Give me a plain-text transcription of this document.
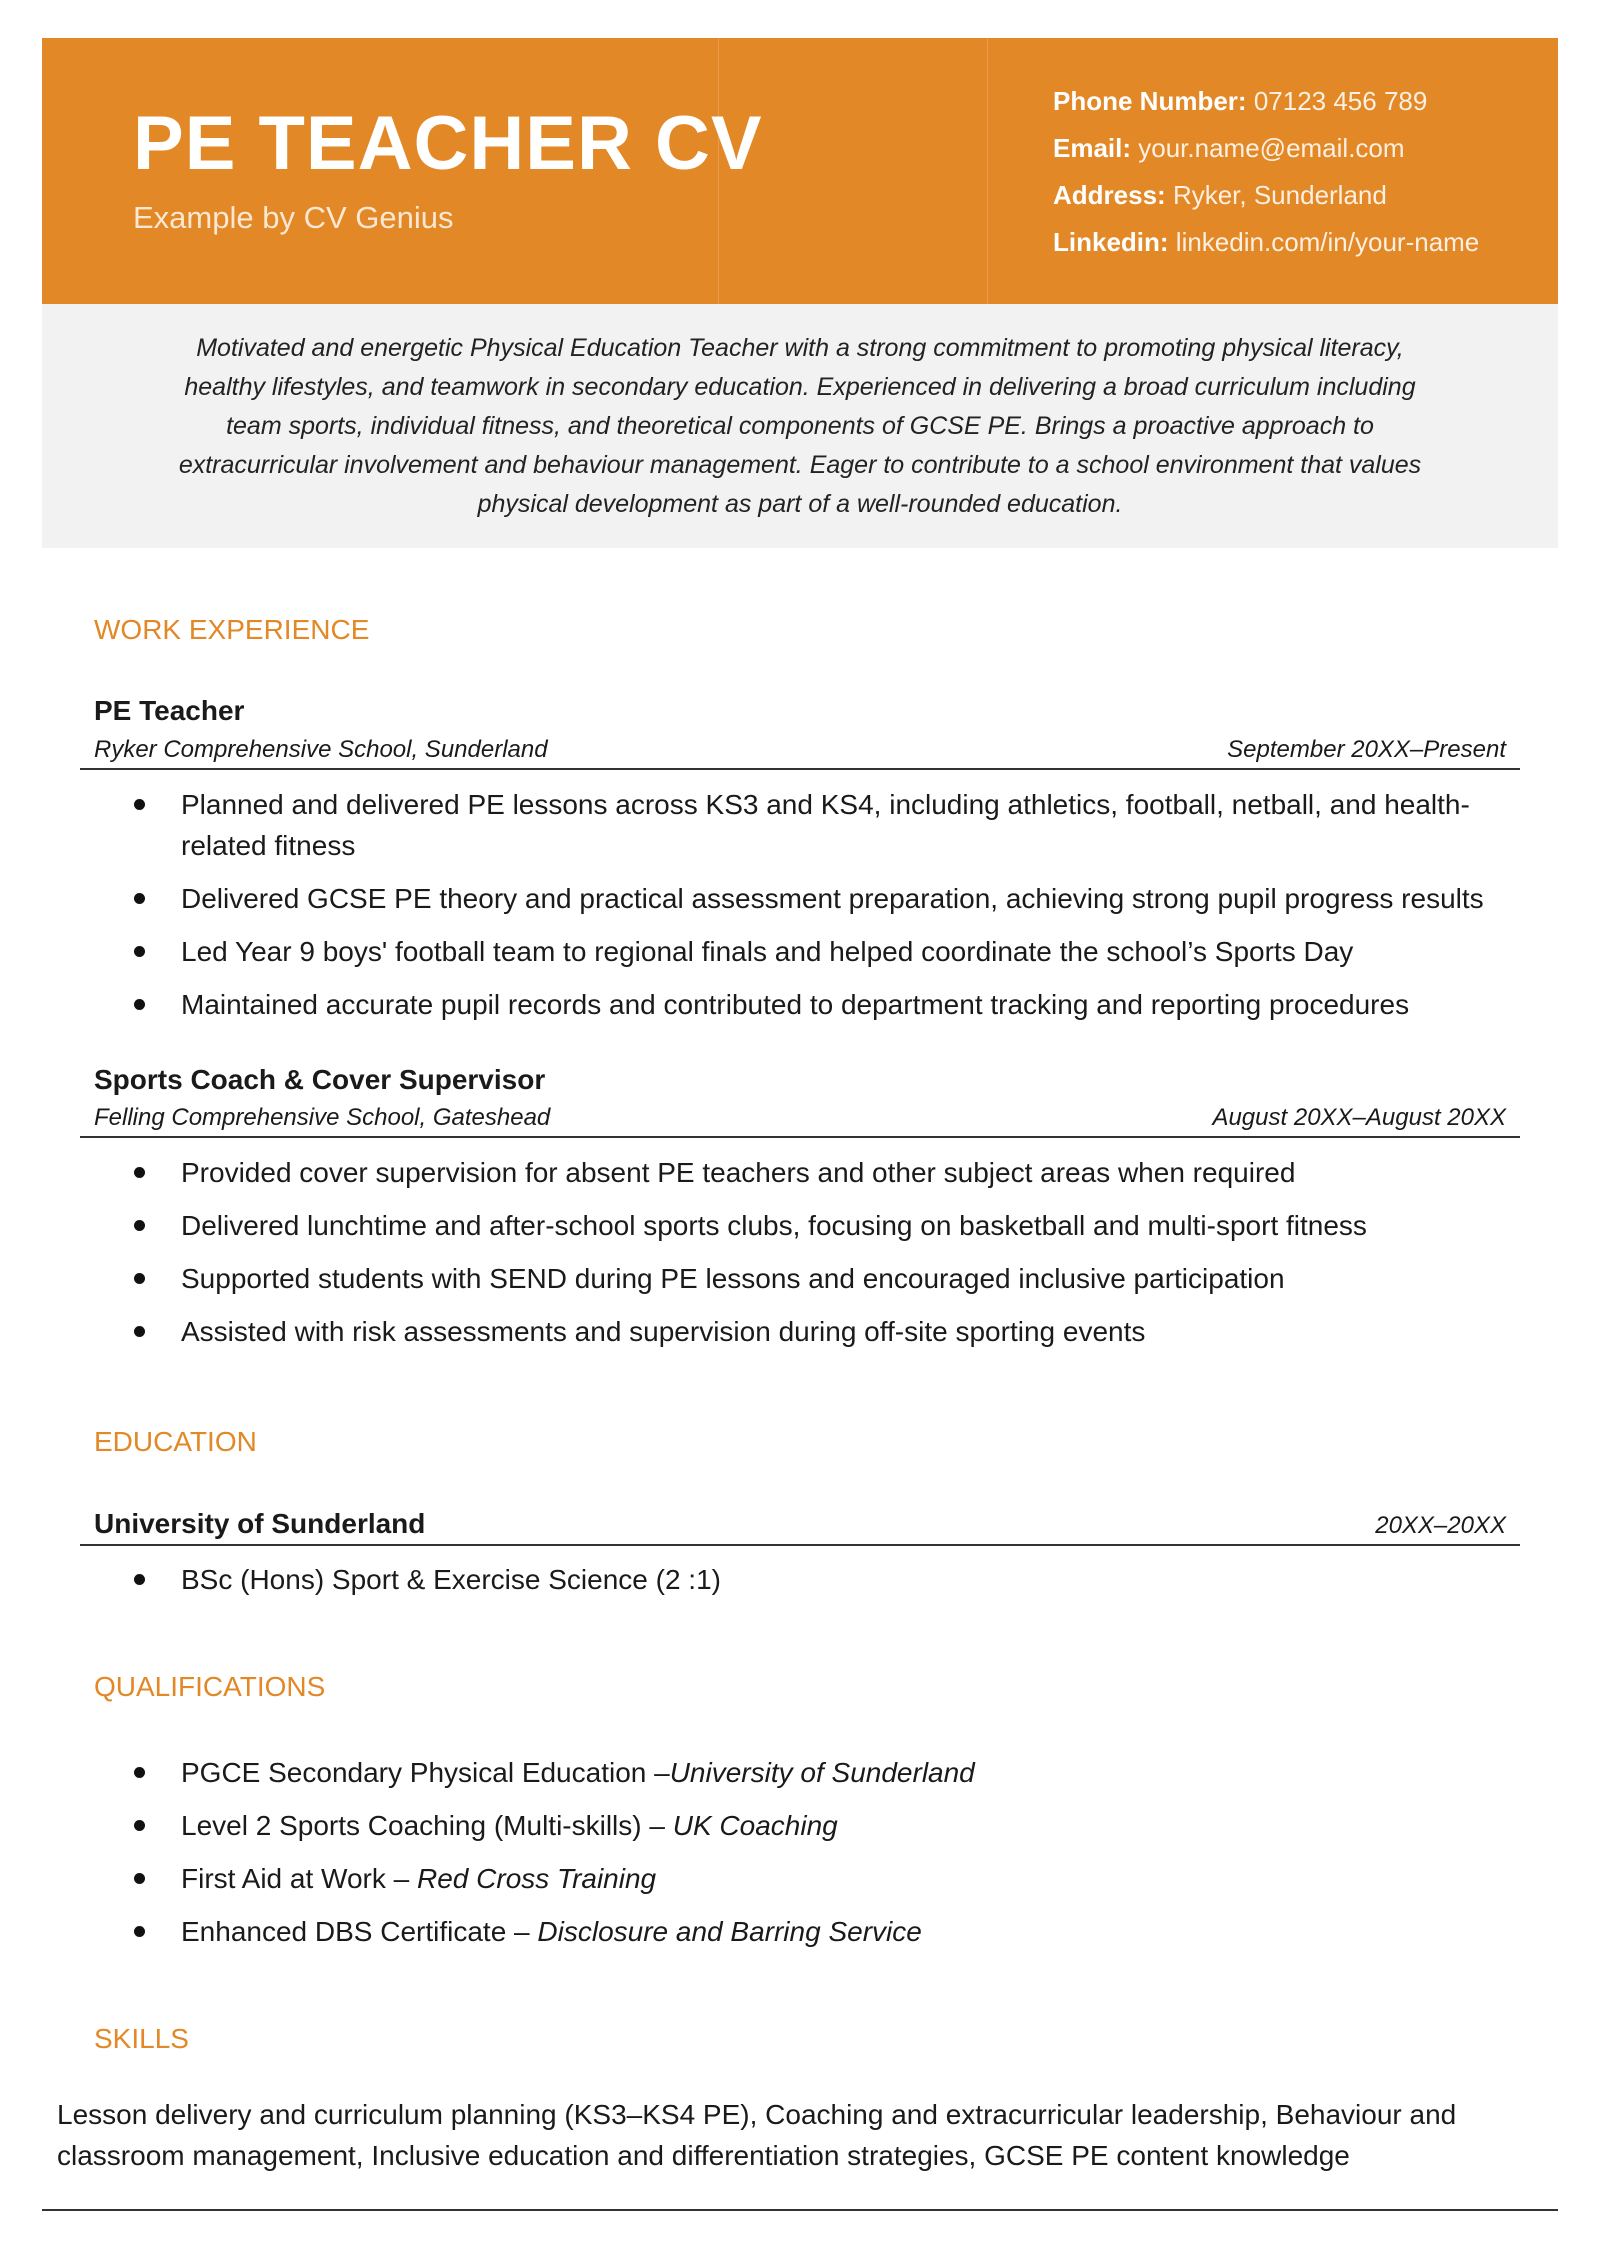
PE TEACHER CV
Example by CV Genius
Phone Number: 07123 456 789
Email: your.name@email.com
Address: Ryker, Sunderland
Linkedin: linkedin.com/in/your-name
Motivated and energetic Physical Education Teacher with a strong commitment to promoting physical literacy, healthy lifestyles, and teamwork in secondary education. Experienced in delivering a broad curriculum including team sports, individual fitness, and theoretical components of GCSE PE. Brings a proactive approach to extracurricular involvement and behaviour management. Eager to contribute to a school environment that values physical development as part of a well-rounded education.
WORK EXPERIENCE
PE Teacher
Ryker Comprehensive School, Sunderland	September 20XX–Present
Planned and delivered PE lessons across KS3 and KS4, including athletics, football, netball, and health-related fitness
Delivered GCSE PE theory and practical assessment preparation, achieving strong pupil progress results
Led Year 9 boys' football team to regional finals and helped coordinate the school’s Sports Day
Maintained accurate pupil records and contributed to department tracking and reporting procedures
Sports Coach & Cover Supervisor
Felling Comprehensive School, Gateshead	August 20XX–August 20XX
Provided cover supervision for absent PE teachers and other subject areas when required
Delivered lunchtime and after-school sports clubs, focusing on basketball and multi-sport fitness
Supported students with SEND during PE lessons and encouraged inclusive participation
Assisted with risk assessments and supervision during off-site sporting events
EDUCATION
University of Sunderland	20XX–20XX
BSc (Hons) Sport & Exercise Science (2 :1)
QUALIFICATIONS
PGCE Secondary Physical Education –University of Sunderland
Level 2 Sports Coaching (Multi-skills) – UK Coaching
First Aid at Work – Red Cross Training
Enhanced DBS Certificate – Disclosure and Barring Service
SKILLS

Lesson delivery and curriculum planning (KS3–KS4 PE), Coaching and extracurricular leadership, Behaviour and classroom management, Inclusive education and differentiation strategies, GCSE PE content knowledge
